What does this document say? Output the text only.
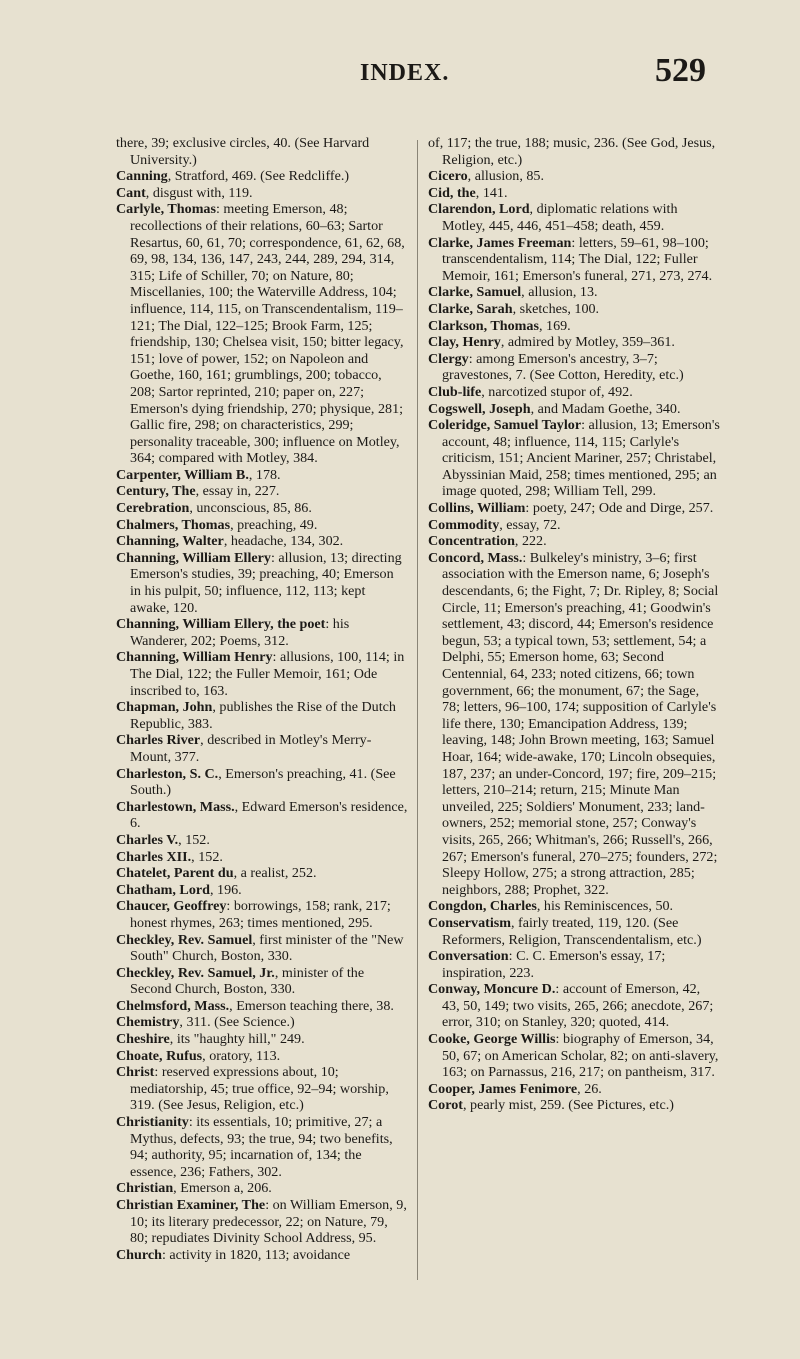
INDEX.	529

there, 39; exclusive circles, 40. (See Harvard University.)

Canning, Stratford, 469. (See Redcliffe.)

Cant, disgust with, 119.

Carlyle, Thomas: meeting Emerson, 48; recollections of their relations, 60–63; Sartor Resartus, 60, 61, 70; correspondence, 61, 62, 68, 69, 98, 134, 136, 147, 243, 244, 289, 294, 314, 315; Life of Schiller, 70; on Nature, 80; Miscellanies, 100; the Waterville Address, 104; influence, 114, 115, on Transcendentalism, 119–121; The Dial, 122–125; Brook Farm, 125; friendship, 130; Chelsea visit, 150; bitter legacy, 151; love of power, 152; on Napoleon and Goethe, 160, 161; grumblings, 200; tobacco, 208; Sartor reprinted, 210; paper on, 227; Emerson's dying friendship, 270; physique, 281; Gallic fire, 298; on characteristics, 299; personality traceable, 300; influence on Motley, 364; compared with Motley, 384.

Carpenter, William B., 178.

Century, The, essay in, 227.

Cerebration, unconscious, 85, 86.

Chalmers, Thomas, preaching, 49.

Channing, Walter, headache, 134, 302.

Channing, William Ellery: allusion, 13; directing Emerson's studies, 39; preaching, 40; Emerson in his pulpit, 50; influence, 112, 113; kept awake, 120.

Channing, William Ellery, the poet: his Wanderer, 202; Poems, 312.

Channing, William Henry: allusions, 100, 114; in The Dial, 122; the Fuller Memoir, 161; Ode inscribed to, 163.

Chapman, John, publishes the Rise of the Dutch Republic, 383.

Charles River, described in Motley's Merry-Mount, 377.

Charleston, S. C., Emerson's preaching, 41. (See South.)

Charlestown, Mass., Edward Emerson's residence, 6.

Charles V., 152.

Charles XII., 152.

Chatelet, Parent du, a realist, 252.

Chatham, Lord, 196.

Chaucer, Geoffrey: borrowings, 158; rank, 217; honest rhymes, 263; times mentioned, 295.

Checkley, Rev. Samuel, first minister of the "New South" Church, Boston, 330.

Checkley, Rev. Samuel, Jr., minister of the Second Church, Boston, 330.

Chelmsford, Mass., Emerson teaching there, 38.

Chemistry, 311. (See Science.)

Cheshire, its "haughty hill," 249.

Choate, Rufus, oratory, 113.

Christ: reserved expressions about, 10; mediatorship, 45; true office, 92–94; worship, 319. (See Jesus, Religion, etc.)

Christianity: its essentials, 10; primitive, 27; a Mythus, defects, 93; the true, 94; two benefits, 94; authority, 95; incarnation of, 134; the essence, 236; Fathers, 302.

Christian, Emerson a, 206.

Christian Examiner, The: on William Emerson, 9, 10; its literary predecessor, 22; on Nature, 79, 80; repudiates Divinity School Address, 95.

Church: activity in 1820, 113; avoidance

of, 117; the true, 188; music, 236. (See God, Jesus, Religion, etc.)

Cicero, allusion, 85.

Cid, the, 141.

Clarendon, Lord, diplomatic relations with Motley, 445, 446, 451–458; death, 459.

Clarke, James Freeman: letters, 59–61, 98–100; transcendentalism, 114; The Dial, 122; Fuller Memoir, 161; Emerson's funeral, 271, 273, 274.

Clarke, Samuel, allusion, 13.

Clarke, Sarah, sketches, 100.

Clarkson, Thomas, 169.

Clay, Henry, admired by Motley, 359–361.

Clergy: among Emerson's ancestry, 3–7; gravestones, 7. (See Cotton, Heredity, etc.)

Club-life, narcotized stupor of, 492.

Cogswell, Joseph, and Madam Goethe, 340.

Coleridge, Samuel Taylor: allusion, 13; Emerson's account, 48; influence, 114, 115; Carlyle's criticism, 151; Ancient Mariner, 257; Christabel, Abyssinian Maid, 258; times mentioned, 295; an image quoted, 298; William Tell, 299.

Collins, William: poety, 247; Ode and Dirge, 257.

Commodity, essay, 72.

Concentration, 222.

Concord, Mass.: Bulkeley's ministry, 3–6; first association with the Emerson name, 6; Joseph's descendants, 6; the Fight, 7; Dr. Ripley, 8; Social Circle, 11; Emerson's preaching, 41; Goodwin's settlement, 43; discord, 44; Emerson's residence begun, 53; a typical town, 53; settlement, 54; a Delphi, 55; Emerson home, 63; Second Centennial, 64, 233; noted citizens, 66; town government, 66; the monument, 67; the Sage, 78; letters, 96–100, 174; supposition of Carlyle's life there, 130; Emancipation Address, 139; leaving, 148; John Brown meeting, 163; Samuel Hoar, 164; wide-awake, 170; Lincoln obsequies, 187, 237; an under-Concord, 197; fire, 209–215; letters, 210–214; return, 215; Minute Man unveiled, 225; Soldiers' Monument, 233; land-owners, 252; memorial stone, 257; Conway's visits, 265, 266; Whitman's, 266; Russell's, 266, 267; Emerson's funeral, 270–275; founders, 272; Sleepy Hollow, 275; a strong attraction, 285; neighbors, 288; Prophet, 322.

Congdon, Charles, his Reminiscences, 50.

Conservatism, fairly treated, 119, 120. (See Reformers, Religion, Transcendentalism, etc.)

Conversation: C. C. Emerson's essay, 17; inspiration, 223.

Conway, Moncure D.: account of Emerson, 42, 43, 50, 149; two visits, 265, 266; anecdote, 267; error, 310; on Stanley, 320; quoted, 414.

Cooke, George Willis: biography of Emerson, 34, 50, 67; on American Scholar, 82; on anti-slavery, 163; on Parnassus, 216, 217; on pantheism, 317.

Cooper, James Fenimore, 26.

Corot, pearly mist, 259. (See Pictures, etc.)
